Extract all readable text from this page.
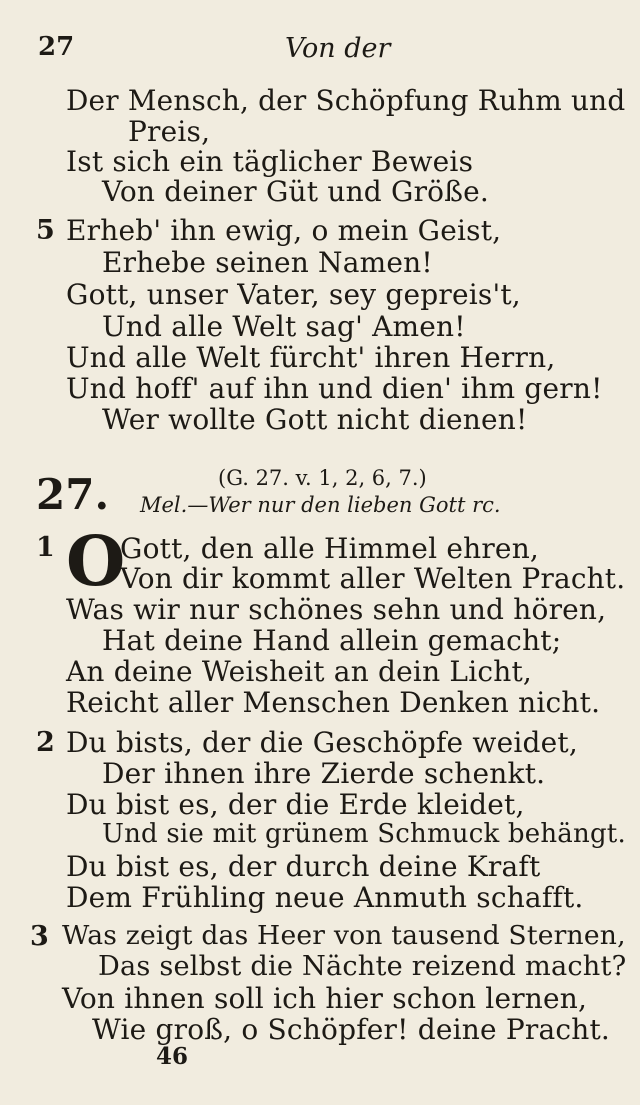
27	Von der
Der Mensch, der Schöpfung Ruhm und
Preis,
Ist sich ein täglicher Beweis
Von deiner Güt und Größe.
5 Erheb' ihn ewig, o mein Geist,
Erhebe seinen Namen!
Gott, unser Vater, sey gepreis't,
Und alle Welt sag' Amen!
Und alle Welt fürcht' ihren Herrn,
Und hoff' auf ihn und dien' ihm gern!
Wer wollte Gott nicht dienen!
27.	(G. 27. v. 1, 2, 6, 7.)
Mel.—Wer nur den lieben Gott rc.
1 O
Gott, den alle Himmel ehren,
Von dir kommt aller Welten Pracht.
Was wir nur schönes sehn und hören,
Hat deine Hand allein gemacht;
An deine Weisheit an dein Licht,
Reicht aller Menschen Denken nicht.
2 Du bists, der die Geschöpfe weidet,
Der ihnen ihre Zierde schenkt.
Du bist es, der die Erde kleidet,
Und sie mit grünem Schmuck behängt.
Du bist es, der durch deine Kraft
Dem Frühling neue Anmuth schafft.
3 Was zeigt das Heer von tausend Sternen,
Das selbst die Nächte reizend macht?
Von ihnen soll ich hier schon lernen,
Wie groß, o Schöpfer! deine Pracht.
46
